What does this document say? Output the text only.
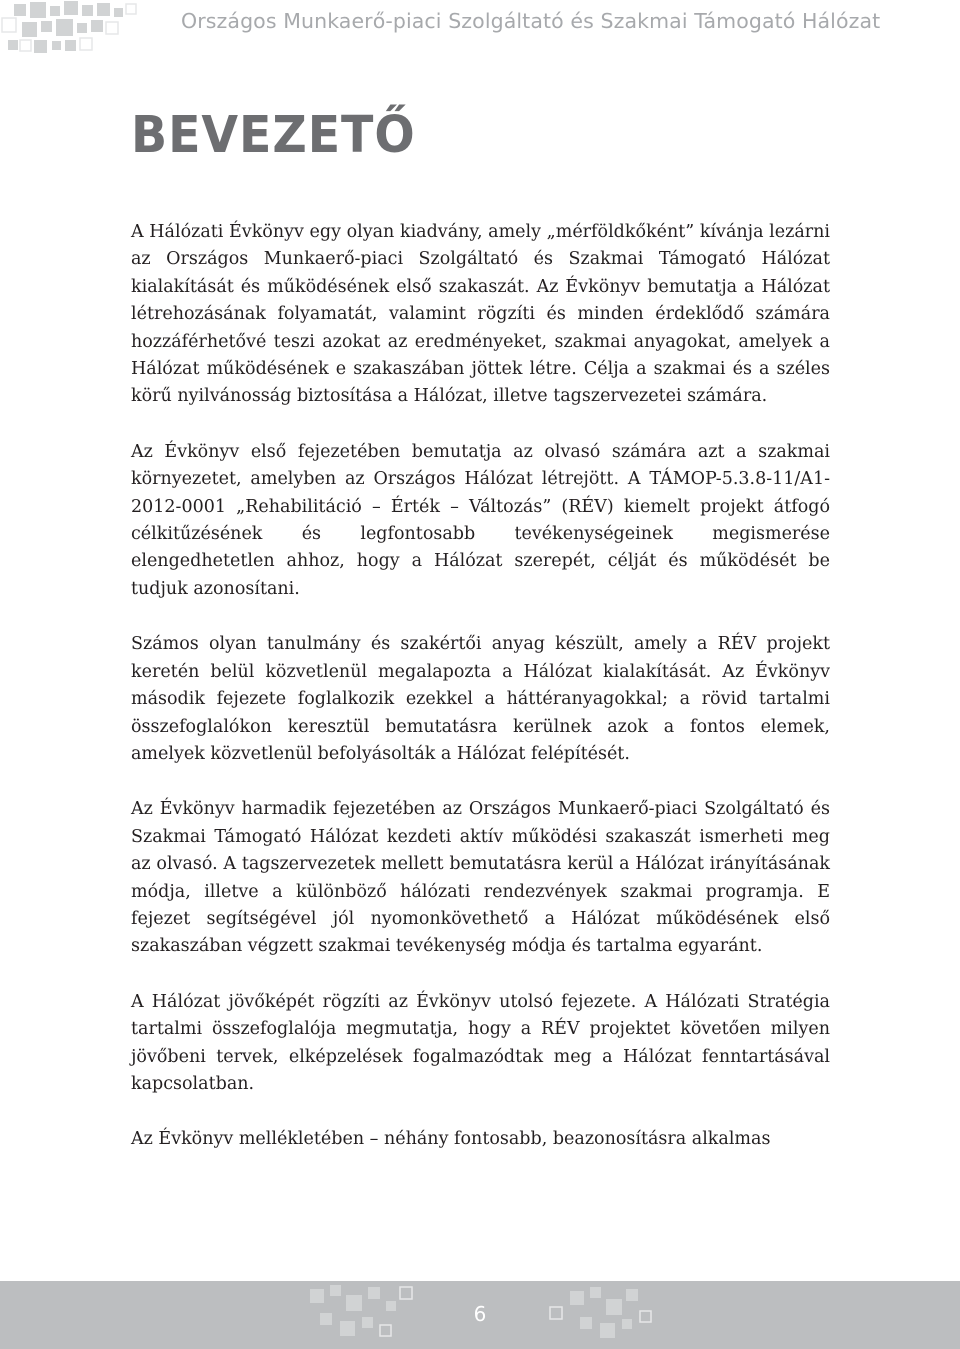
Országos Munkaerő-piaci Szolgáltató és Szakmai Támogató Hálózat
BEVEZETŐ

A Hálózati Évkönyv egy olyan kiadvány, amely „mérföldkőként” kívánja lezárni az Országos Munkaerő-piaci Szolgáltató és Szakmai Támogató Hálózat kialakítását és működésének első szakaszát. Az Évkönyv bemutatja a Hálózat létrehozásának folyamatát, valamint rögzíti és minden érdeklődő számára hozzáférhetővé teszi azokat az eredményeket, szakmai anyagokat, amelyek a Hálózat működésének e szakaszában jöttek létre. Célja a szakmai és a széles körű nyilvánosság biztosítása a Hálózat, illetve tagszervezetei számára.

Az Évkönyv első fejezetében bemutatja az olvasó számára azt a szakmai környezetet, amelyben az Országos Hálózat létrejött. A TÁMOP-5.3.8-11/A1-2012-0001 „Rehabilitáció – Érték – Változás” (RÉV) kiemelt projekt átfogó célkitűzésének és legfontosabb tevékenységeinek megismerése elengedhetetlen ahhoz, hogy a Hálózat szerepét, célját és működését be tudjuk azonosítani.

Számos olyan tanulmány és szakértői anyag készült, amely a RÉV projekt keretén belül közvetlenül megalapozta a Hálózat kialakítását. Az Évkönyv második fejezete foglalkozik ezekkel a háttéranyagokkal; a rövid tartalmi összefoglalókon keresztül bemutatásra kerülnek azok a fontos elemek, amelyek közvetlenül befolyásolták a Hálózat felépítését.

Az Évkönyv harmadik fejezetében az Országos Munkaerő-piaci Szolgáltató és Szakmai Támogató Hálózat kezdeti aktív működési szakaszát ismerheti meg az olvasó. A tagszervezetek mellett bemutatásra kerül a Hálózat irányításának módja, illetve a különböző hálózati rendezvények szakmai programja. E fejezet segítségével jól nyomonkövethető a Hálózat működésének első szakaszában végzett szakmai tevékenység módja és tartalma egyaránt.

A Hálózat jövőképét rögzíti az Évkönyv utolsó fejezete. A Hálózati Stratégia tartalmi összefoglalója megmutatja, hogy a RÉV projektet követően milyen jövőbeni tervek, elképzelések fogalmazódtak meg a Hálózat fenntartásával kapcsolatban.

Az Évkönyv mellékletében – néhány fontosabb, beazonosításra alkalmas

6
